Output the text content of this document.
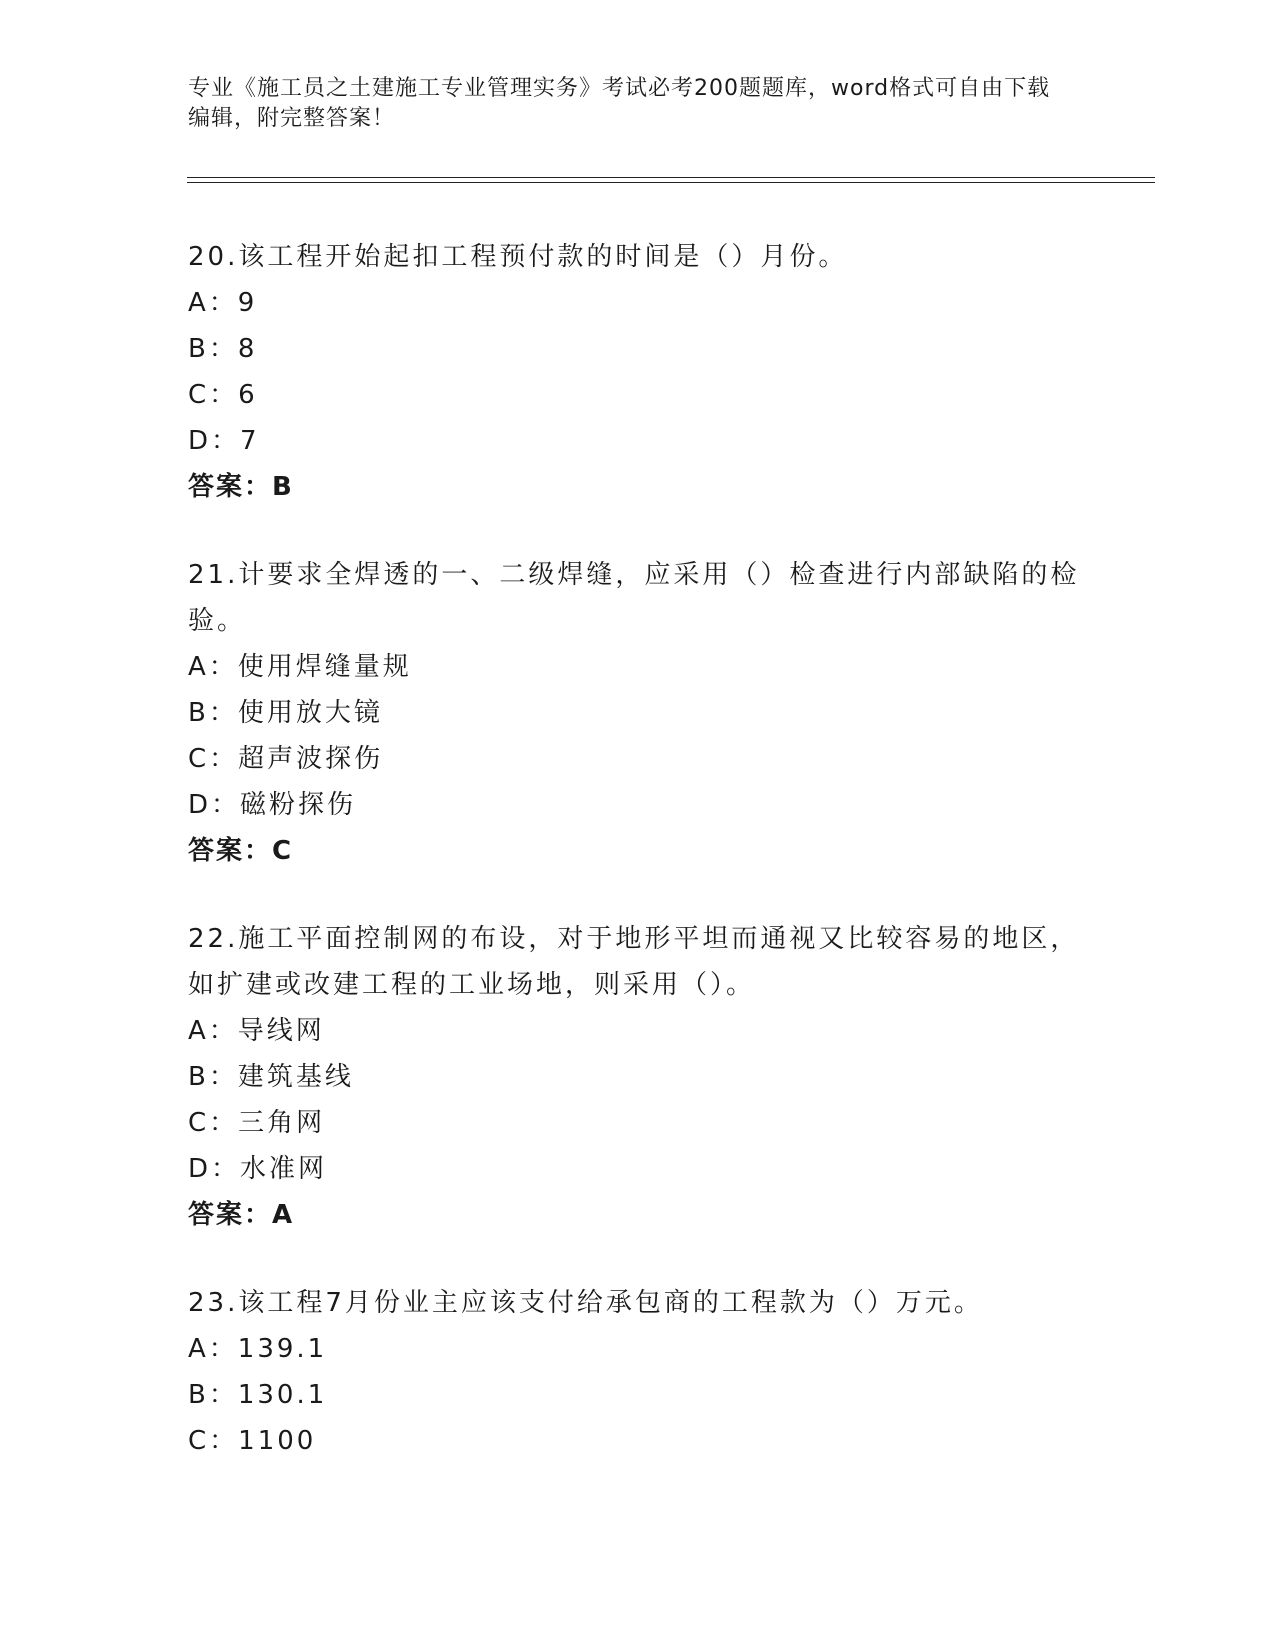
专业《施工员之土建施工专业管理实务》考试必考200题题库，word格式可自由下载编辑，附完整答案！

20.该工程开始起扣工程预付款的时间是（）月份。

A：9

B：8

C：6

D：7

答案：B

21.计要求全焊透的一、二级焊缝，应采用（）检查进行内部缺陷的检验。

A：使用焊缝量规

B：使用放大镜

C：超声波探伤

D：磁粉探伤

答案：C

22.施工平面控制网的布设，对于地形平坦而通视又比较容易的地区，如扩建或改建工程的工业场地，则采用（）。

A：导线网

B：建筑基线

C：三角网

D：水准网

答案：A

23.该工程7月份业主应该支付给承包商的工程款为（）万元。

A：139.1

B：130.1

C：1100
